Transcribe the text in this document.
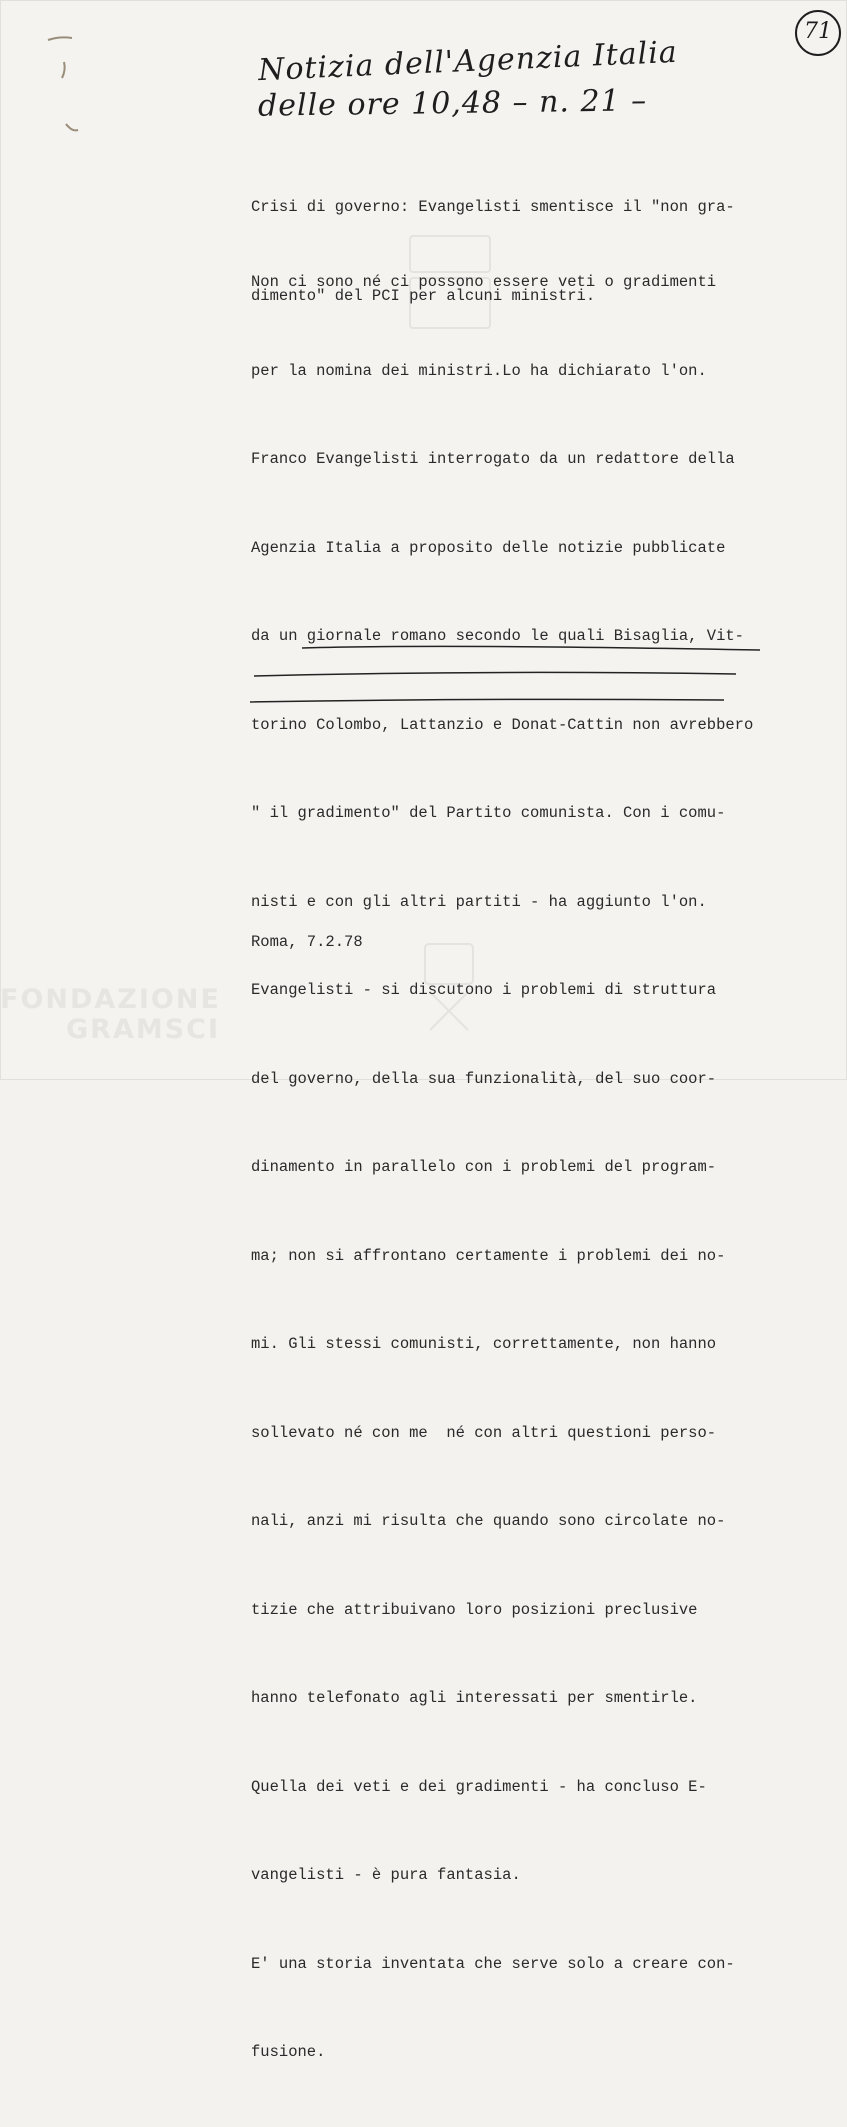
Notizia dell'Agenzia Italia
delle ore 10,48 – n. 21 –
71

Crisi di governo: Evangelisti smentisce il "non gra-

dimento" del PCI per alcuni ministri.

Non ci sono né ci possono essere veti o gradimenti

per la nomina dei ministri.Lo ha dichiarato l'on.

Franco Evangelisti interrogato da un redattore della

Agenzia Italia a proposito delle notizie pubblicate

da un giornale romano secondo le quali Bisaglia, Vit-

torino Colombo, Lattanzio e Donat-Cattin non avrebbero

" il gradimento" del Partito comunista. Con i comu-

nisti e con gli altri partiti - ha aggiunto l'on.

Evangelisti - si discutono i problemi di struttura

del governo, della sua funzionalità, del suo coor-

dinamento in parallelo con i problemi del program-

ma; non si affrontano certamente i problemi dei no-

mi. Gli stessi comunisti, correttamente, non hanno

sollevato né con me  né con altri questioni perso-

nali, anzi mi risulta che quando sono circolate no-

tizie che attribuivano loro posizioni preclusive

hanno telefonato agli interessati per smentirle.

Quella dei veti e dei gradimenti - ha concluso E-

vangelisti - è pura fantasia.

E' una storia inventata che serve solo a creare con-

fusione.

Roma, 7.2.78

FONDAZIONE
GRAMSCI
